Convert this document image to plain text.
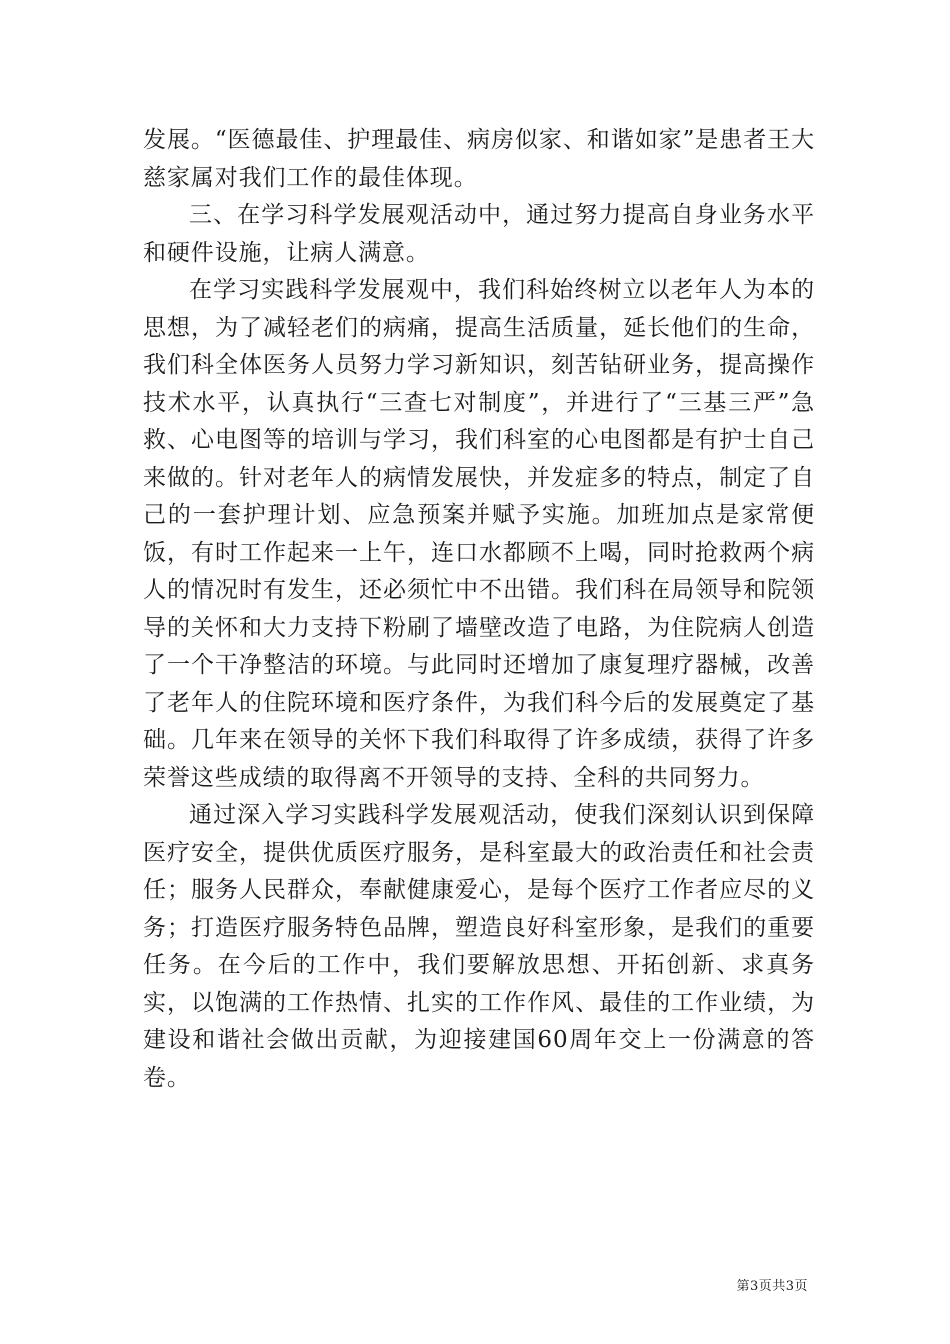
发展。“医德最佳、护理最佳、病房似家、和谐如家”是患者王大慈家属对我们工作的最佳体现。

三、在学习科学发展观活动中，通过努力提高自身业务水平和硬件设施，让病人满意。

在学习实践科学发展观中，我们科始终树立以老年人为本的思想，为了减轻老们的病痛，提高生活质量，延长他们的生命，我们科全体医务人员努力学习新知识，刻苦钻研业务，提高操作技术水平，认真执行“三查七对制度”，并进行了“三基三严”急救、心电图等的培训与学习，我们科室的心电图都是有护士自己来做的。针对老年人的病情发展快，并发症多的特点，制定了自己的一套护理计划、应急预案并赋予实施。加班加点是家常便饭，有时工作起来一上午，连口水都顾不上喝，同时抢救两个病人的情况时有发生，还必须忙中不出错。我们科在局领导和院领导的关怀和大力支持下粉刷了墙壁改造了电路，为住院病人创造了一个干净整洁的环境。与此同时还增加了康复理疗器械，改善了老年人的住院环境和医疗条件，为我们科今后的发展奠定了基础。几年来在领导的关怀下我们科取得了许多成绩，获得了许多荣誉这些成绩的取得离不开领导的支持、全科的共同努力。

通过深入学习实践科学发展观活动，使我们深刻认识到保障医疗安全，提供优质医疗服务，是科室最大的政治责任和社会责任；服务人民群众，奉献健康爱心，是每个医疗工作者应尽的义务；打造医疗服务特色品牌，塑造良好科室形象，是我们的重要任务。在今后的工作中，我们要解放思想、开拓创新、求真务实，以饱满的工作热情、扎实的工作作风、最佳的工作业绩，为建设和谐社会做出贡献，为迎接建国60周年交上一份满意的答卷。

第3页共3页
